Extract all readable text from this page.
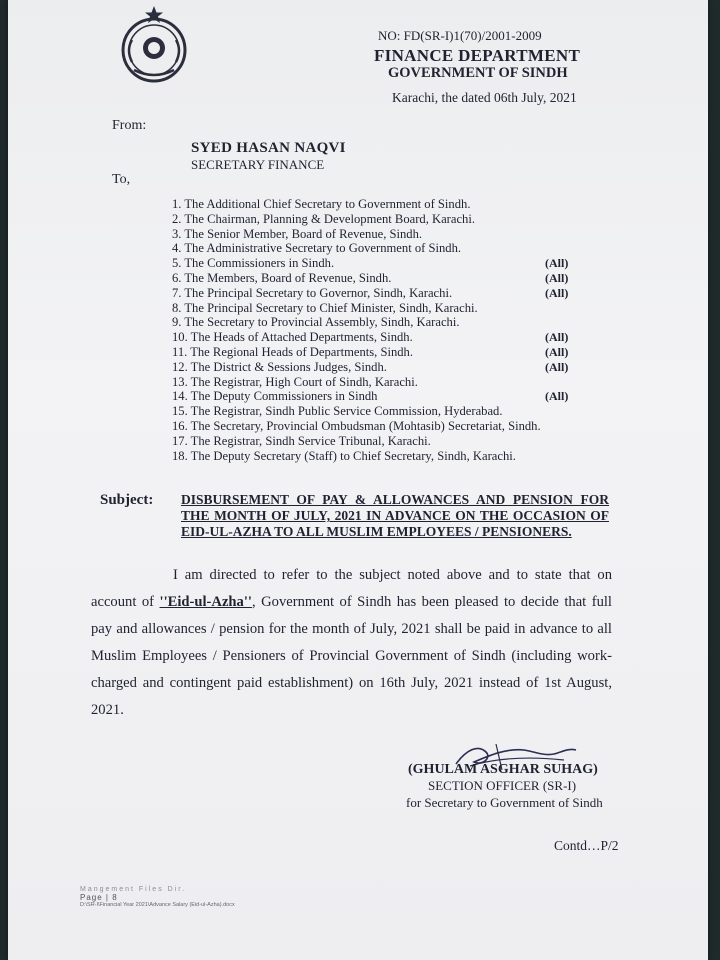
NO: FD(SR-I)1(70)/2001-2009
FINANCE DEPARTMENT
GOVERNMENT OF SINDH
Karachi, the dated 06th July, 2021
From:
SYED HASAN NAQVI
SECRETARY FINANCE
To,
1. The Additional Chief Secretary to Government of Sindh.
2. The Chairman, Planning & Development Board, Karachi.
3. The Senior Member, Board of Revenue, Sindh.
4. The Administrative Secretary to Government of Sindh.
5. The Commissioners in Sindh.	(All)
6. The Members, Board of Revenue, Sindh.	(All)
7. The Principal Secretary to Governor, Sindh, Karachi.	(All)
8. The Principal Secretary to Chief Minister, Sindh, Karachi.
9. The Secretary to Provincial Assembly, Sindh, Karachi.
10. The Heads of Attached Departments, Sindh.	(All)
11. The Regional Heads of Departments, Sindh.	(All)
12. The District & Sessions Judges, Sindh.	(All)
13. The Registrar, High Court of Sindh, Karachi.
14. The Deputy Commissioners in Sindh	(All)
15. The Registrar, Sindh Public Service Commission, Hyderabad.
16. The Secretary, Provincial Ombudsman (Mohtasib) Secretariat, Sindh.
17. The Registrar, Sindh Service Tribunal, Karachi.
18. The Deputy Secretary (Staff) to Chief Secretary, Sindh, Karachi.
Subject: DISBURSEMENT OF PAY & ALLOWANCES AND PENSION FOR THE MONTH OF JULY, 2021 IN ADVANCE ON THE OCCASION OF EID-UL-AZHA TO ALL MUSLIM EMPLOYEES / PENSIONERS.
I am directed to refer to the subject noted above and to state that on account of ''Eid-ul-Azha'', Government of Sindh has been pleased to decide that full pay and allowances / pension for the month of July, 2021 shall be paid in advance to all Muslim Employees / Pensioners of Provincial Government of Sindh (including work-charged and contingent paid establishment) on 16th July, 2021 instead of 1st August, 2021.
(GHULAM ASGHAR SUHAG)
SECTION OFFICER (SR-I)
for Secretary to Government of Sindh
Contd…P/2
Mangement Files Dir.
Page | 8
D:\SR-I\Financial Year 2021\Advance Salary (Eid-ul-Azha).docx
